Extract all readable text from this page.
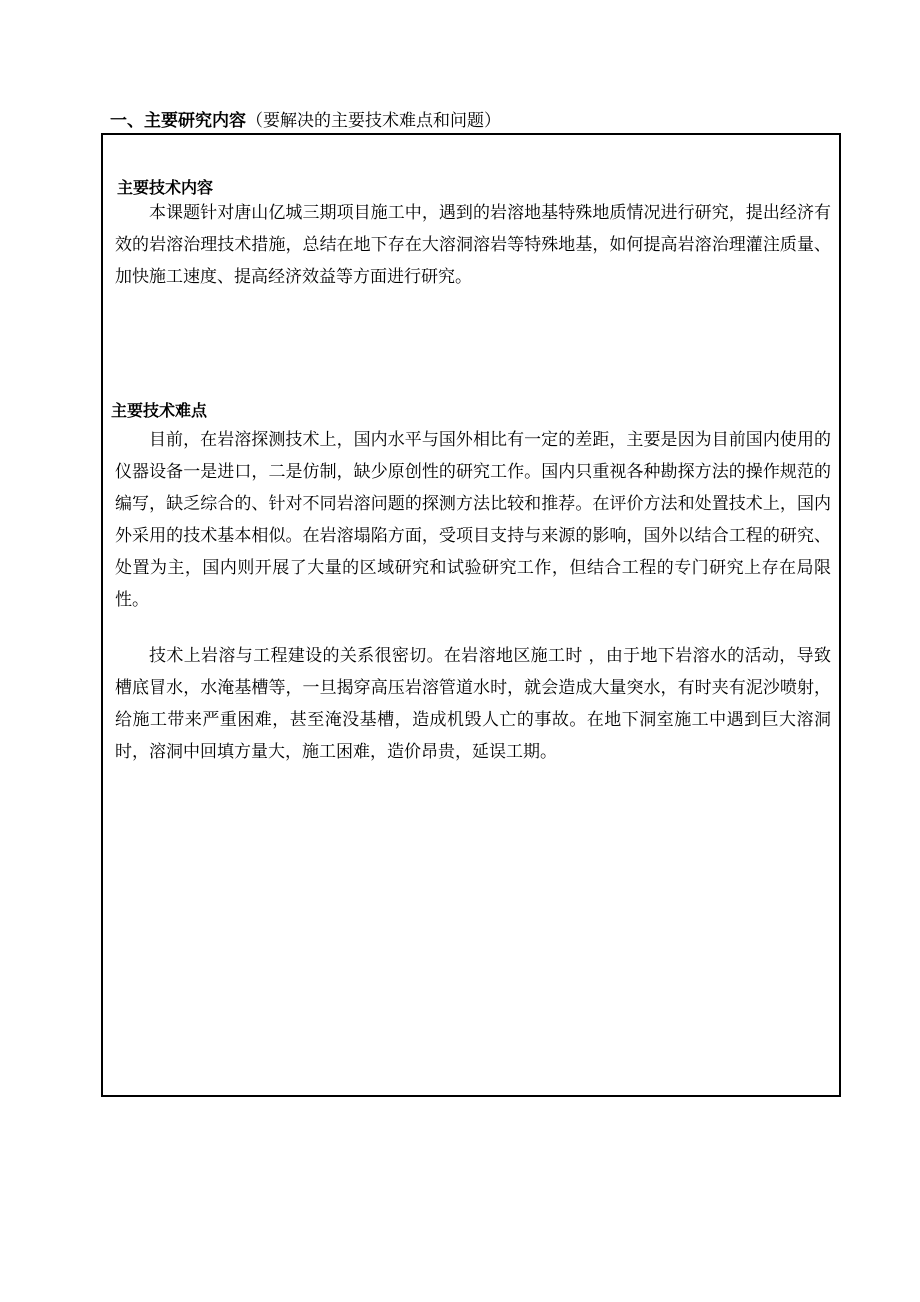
一、主要研究内容（要解决的主要技术难点和问题）
主要技术内容

本课题针对唐山亿城三期项目施工中，遇到的岩溶地基特殊地质情况进行研究，提出经济有效的岩溶治理技术措施，总结在地下存在大溶洞溶岩等特殊地基，如何提高岩溶治理灌注质量、加快施工速度、提高经济效益等方面进行研究。

主要技术难点

目前，在岩溶探测技术上，国内水平与国外相比有一定的差距，主要是因为目前国内使用的仪器设备一是进口，二是仿制，缺少原创性的研究工作。国内只重视各种勘探方法的操作规范的编写，缺乏综合的、针对不同岩溶问题的探测方法比较和推荐。在评价方法和处置技术上，国内外采用的技术基本相似。在岩溶塌陷方面，受项目支持与来源的影响，国外以结合工程的研究、处置为主，国内则开展了大量的区域研究和试验研究工作，但结合工程的专门研究上存在局限性。

技术上岩溶与工程建设的关系很密切。在岩溶地区施工时 ，由于地下岩溶水的活动，导致槽底冒水，水淹基槽等，一旦揭穿高压岩溶管道水时，就会造成大量突水，有时夹有泥沙喷射，给施工带来严重困难，甚至淹没基槽，造成机毁人亡的事故。在地下洞室施工中遇到巨大溶洞时，溶洞中回填方量大，施工困难，造价昂贵，延误工期。
